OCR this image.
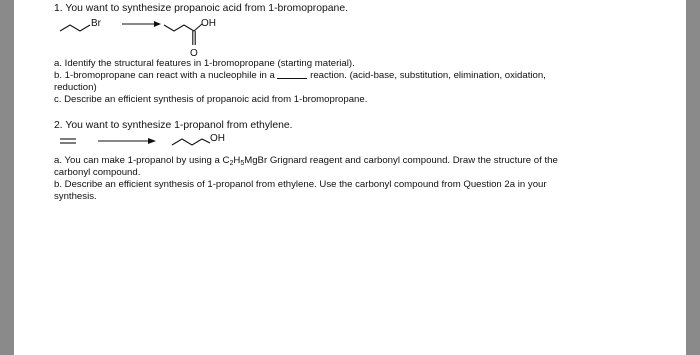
1. You want to synthesize propanoic acid from 1-bromopropane.
Br →	OH
O
a. Identify the structural features in 1-bromopropane (starting material).
b. 1-bromopropane can react with a nucleophile in a	reaction. (acid-base, substitution, elimination, oxidation,
reduction)
c. Describe an efficient synthesis of propanoic acid from 1-bromopropane.
2. You want to synthesize 1-propanol from ethylene.
OH
a. You can make 1-propanol by using a $C_2H_5MgBr$ Grignard reagent and carbonyl compound. Draw the structure of the
carbonyl compound.
b. Describe an efficient synthesis of 1-propanol from ethylene. Use the carbonyl compound from Question 2a in your
synthesis.
